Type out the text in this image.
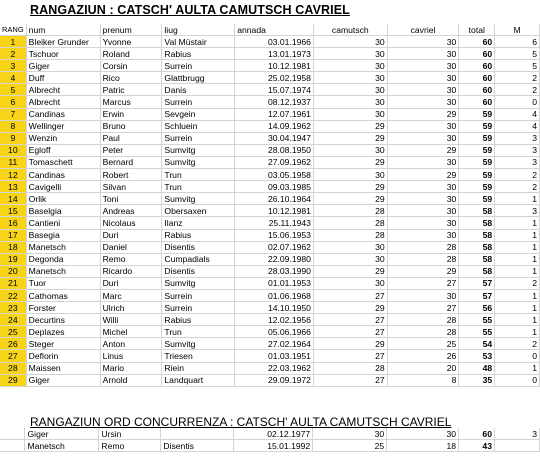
RANGAZIUN : CATSCH' AULTA CAMUTSCH CAVRIEL
RANG	num	prenum	liug	annada	camutsch	cavriel	total	M
1	Bleiker Grunder	Yvonne	Val Müstair	03.01.1966	30	30	60	6
2	Tschuor	Roland	Rabius	13.01.1973	30	30	60	5
3	Giger	Corsin	Surrein	10.12.1981	30	30	60	5
4	Duff	Rico	Glattbrugg	25.02.1958	30	30	60	2
5	Albrecht	Patric	Danis	15.07.1974	30	30	60	2
6	Albrecht	Marcus	Surrein	08.12.1937	30	30	60	0
7	Candinas	Erwin	Sevgein	12.07.1961	30	29	59	4
8	Wellinger	Bruno	Schluein	14.09.1962	29	30	59	4
9	Wenzin	Paul	Surrein	30.04.1947	29	30	59	3
10	Egloff	Peter	Sumvitg	28.08.1950	30	29	59	3
11	Tomaschett	Bernard	Sumvitg	27.09.1962	29	30	59	3
12	Candinas	Robert	Trun	03.05.1958	30	29	59	2
13	Cavigelli	Silvan	Trun	09.03.1985	29	30	59	2
14	Orlik	Toni	Sumvitg	26.10.1964	29	30	59	1
15	Baselgia	Andreas	Obersaxen	10.12.1981	28	30	58	3
16	Cantieni	Nicolaus	Ilanz	25.11.1943	28	30	58	1
17	Basegia	Duri	Rabius	15.06.1953	28	30	58	1
18	Manetsch	Daniel	Disentis	02.07.1962	30	28	58	1
19	Degonda	Remo	Cumpadials	22.09.1980	30	28	58	1
20	Manetsch	Ricardo	Disentis	28.03.1990	29	29	58	1
21	Tuor	Duri	Sumvitg	01.01.1953	30	27	57	2
22	Cathomas	Marc	Surrein	01.06.1968	27	30	57	1
23	Forster	Ulrich	Surrein	14.10.1950	29	27	56	1
24	Decurtins	Willi	Rabius	12.02.1956	27	28	55	1
25	Deplazes	Michel	Trun	05.06.1966	27	28	55	1
26	Steger	Anton	Sumvitg	27.02.1964	29	25	54	2
27	Deflorin	Linus	Triesen	01.03.1951	27	26	53	0
28	Maissen	Mario	Riein	22.03.1962	28	20	48	1
29	Giger	Arnold	Landquart	29.09.1972	27	8	35	0
RANGAZIUN ORD CONCURRENZA : CATSCH' AULTA CAMUTSCH CAVRIEL
	Giger	Ursin		02.12.1977	30	30	60	3
	Manetsch	Remo	Disentis	15.01.1992	25	18	43	
